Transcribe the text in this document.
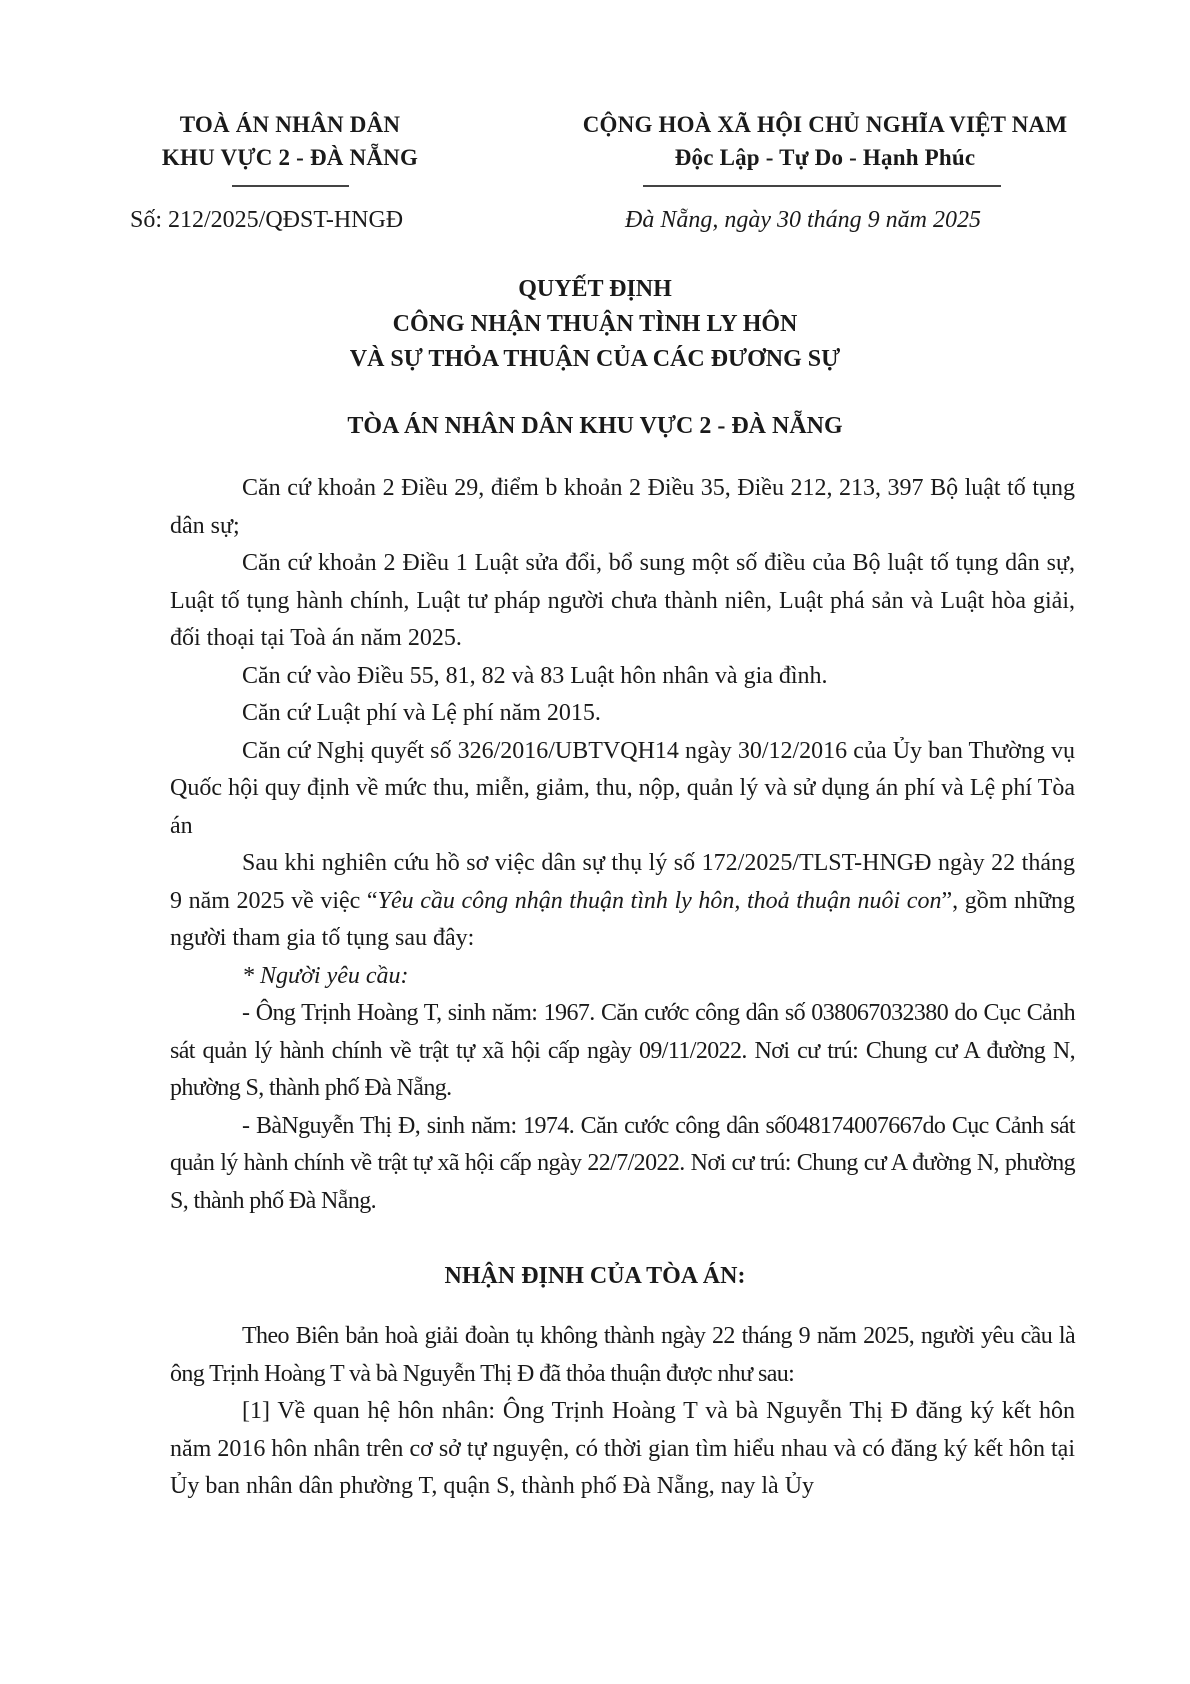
TOÀ ÁN NHÂN DÂN
KHU VỰC 2 - ĐÀ NẴNG
CỘNG HOÀ XÃ HỘI CHỦ NGHĨA VIỆT NAM
Độc Lập - Tự Do - Hạnh Phúc
Số: 212/2025/QĐST-HNGĐ	Đà Nẵng, ngày 30 tháng 9 năm 2025
QUYẾT ĐỊNH
CÔNG NHẬN THUẬN TÌNH LY HÔN
VÀ SỰ THỎA THUẬN CỦA CÁC ĐƯƠNG SỰ
TÒA ÁN NHÂN DÂN KHU VỰC 2 - ĐÀ NẴNG

Căn cứ khoản 2 Điều 29, điểm b khoản 2 Điều 35, Điều 212, 213, 397 Bộ luật tố tụng dân sự;

Căn cứ khoản 2 Điều 1 Luật sửa đổi, bổ sung một số điều của Bộ luật tố tụng dân sự, Luật tố tụng hành chính, Luật tư pháp người chưa thành niên, Luật phá sản và Luật hòa giải, đối thoại tại Toà án năm 2025.

Căn cứ vào Điều 55, 81, 82 và 83 Luật hôn nhân và gia đình.

Căn cứ Luật phí và Lệ phí năm 2015.

Căn cứ Nghị quyết số 326/2016/UBTVQH14 ngày 30/12/2016 của Ủy ban Thường vụ Quốc hội quy định về mức thu, miễn, giảm, thu, nộp, quản lý và sử dụng án phí và Lệ phí Tòa án

Sau khi nghiên cứu hồ sơ việc dân sự thụ lý số 172/2025/TLST-HNGĐ ngày 22 tháng 9 năm 2025 về việc “Yêu cầu công nhận thuận tình ly hôn, thoả thuận nuôi con”, gồm những người tham gia tố tụng sau đây:

* Người yêu cầu:

- Ông Trịnh Hoàng T, sinh năm: 1967. Căn cước công dân số 038067032380 do Cục Cảnh sát quản lý hành chính về trật tự xã hội cấp ngày 09/11/2022. Nơi cư trú: Chung cư A đường N, phường S, thành phố Đà Nẵng.

- BàNguyễn Thị Đ, sinh năm: 1974. Căn cước công dân số048174007667do Cục Cảnh sát quản lý hành chính về trật tự xã hội cấp ngày 22/7/2022. Nơi cư trú: Chung cư A đường N, phường S, thành phố Đà Nẵng.

NHẬN ĐỊNH CỦA TÒA ÁN:

Theo Biên bản hoà giải đoàn tụ không thành ngày 22 tháng 9 năm 2025, người yêu cầu là ông Trịnh Hoàng T và bà Nguyễn Thị Đ đã thỏa thuận được như sau:

[1] Về quan hệ hôn nhân: Ông Trịnh Hoàng T và bà Nguyễn Thị Đ đăng ký kết hôn năm 2016 hôn nhân trên cơ sở tự nguyện, có thời gian tìm hiểu nhau và có đăng ký kết hôn tại Ủy ban nhân dân phường T, quận S, thành phố Đà Nẵng, nay là Ủy
